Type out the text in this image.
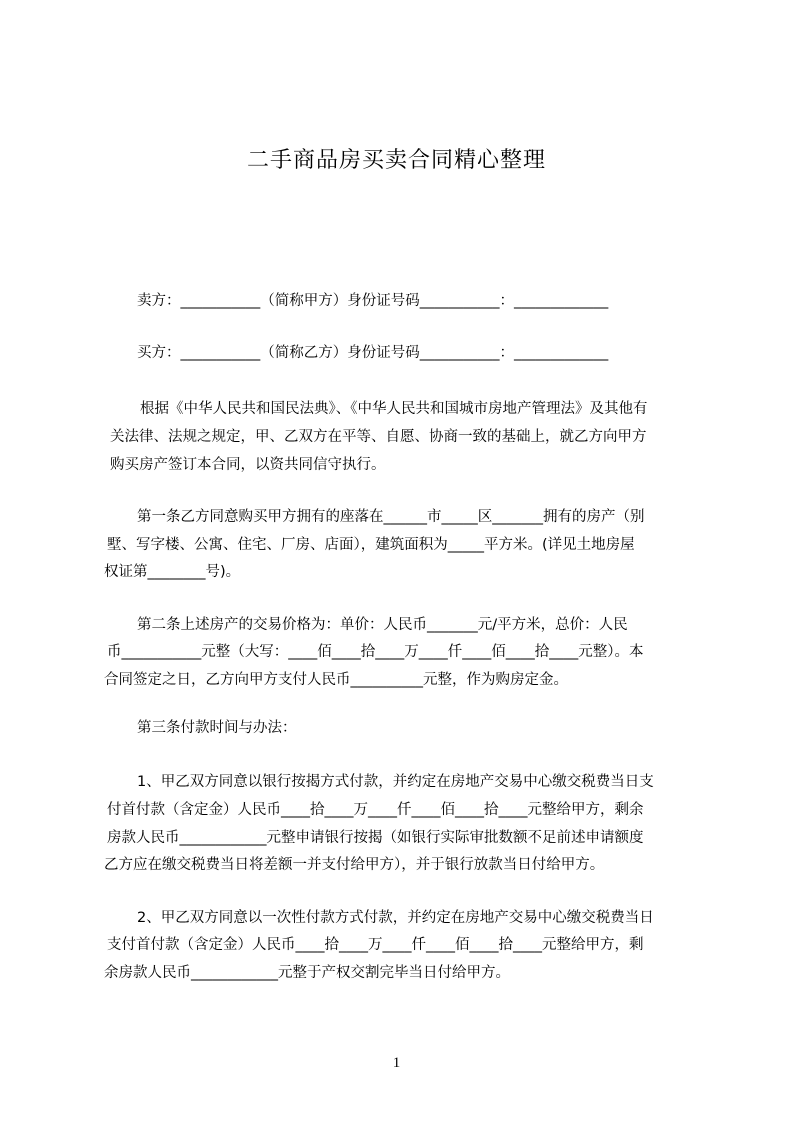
二手商品房买卖合同精心整理
卖方：___________（简称甲方）身份证号码___________：_____________
买方：___________（简称乙方）身份证号码___________：_____________
根据《中华人民共和国民法典》、《中华人民共和国城市房地产管理法》及其他有
关法律、法规之规定，甲、乙双方在平等、自愿、协商一致的基础上，就乙方向甲方
购买房产签订本合同，以资共同信守执行。
第一条乙方同意购买甲方拥有的座落在______市_____区_______拥有的房产（别
墅、写字楼、公寓、住宅、厂房、店面），建筑面积为_____平方米。(详见土地房屋
权证第________号)。
第二条上述房产的交易价格为：单价：人民币_______元/平方米，总价：人民
币___________元整（大写：____佰____拾____万____仟____佰____拾____元整）。本
合同签定之日，乙方向甲方支付人民币__________元整，作为购房定金。
第三条付款时间与办法：
1、甲乙双方同意以银行按揭方式付款，并约定在房地产交易中心缴交税费当日支
付首付款（含定金）人民币____拾____万____仟____佰____拾____元整给甲方，剩余
房款人民币____________元整申请银行按揭（如银行实际审批数额不足前述申请额度
乙方应在缴交税费当日将差额一并支付给甲方），并于银行放款当日付给甲方。
2、甲乙双方同意以一次性付款方式付款，并约定在房地产交易中心缴交税费当日
支付首付款（含定金）人民币____拾____万____仟____佰____拾____元整给甲方，剩
余房款人民币____________元整于产权交割完毕当日付给甲方。
1
